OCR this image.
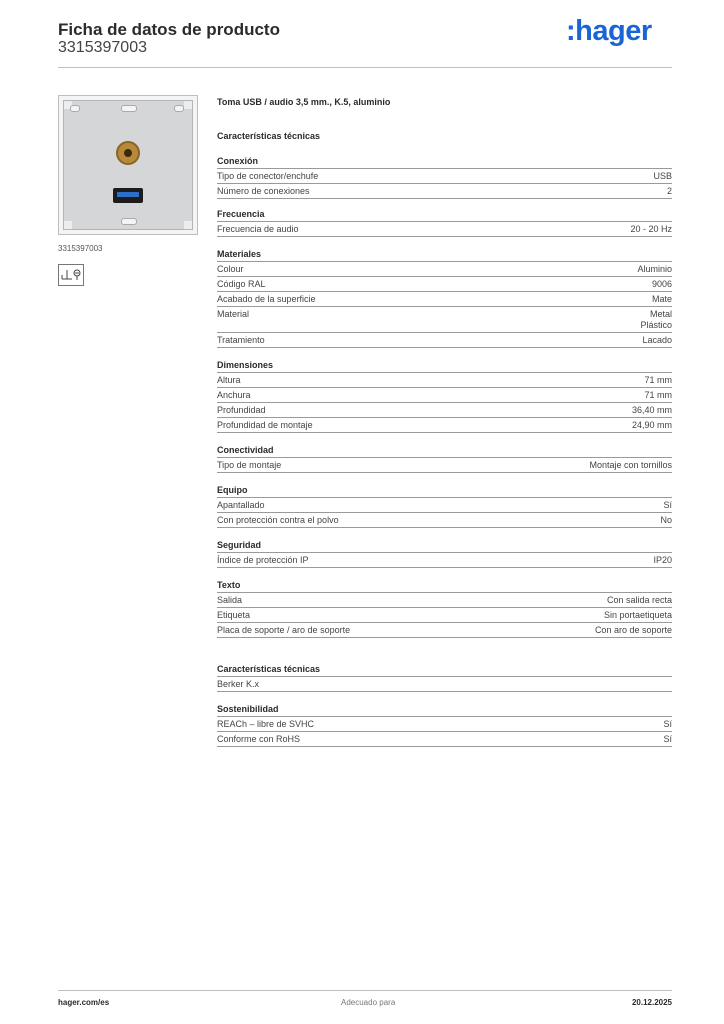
Ficha de datos de producto
3315397003
:hager
3315397003
Toma USB / audio 3,5 mm., K.5, aluminio
Características técnicas
Conexión
Tipo de conector/enchufe	USB
Número de conexiones	2
Frecuencia
Frecuencia de audio	20 - 20 Hz
Materiales
Colour	Aluminio
Código RAL	9006
Acabado de la superficie	Mate
Material	Metal
Plástico
Tratamiento	Lacado
Dimensiones
Altura	71 mm
Anchura	71 mm
Profundidad	36,40 mm
Profundidad de montaje	24,90 mm
Conectividad
Tipo de montaje	Montaje con tornillos
Equipo
Apantallado	Sí
Con protección contra el polvo	No
Seguridad
Índice de protección IP	IP20
Texto
Salida	Con salida recta
Etiqueta	Sin portaetiqueta
Placa de soporte / aro de soporte	Con aro de soporte
Características técnicas
Berker K.x
Sostenibilidad
REACh – libre de SVHC	Sí
Conforme con RoHS	Sí
hager.com/es	Adecuado para	20.12.2025
